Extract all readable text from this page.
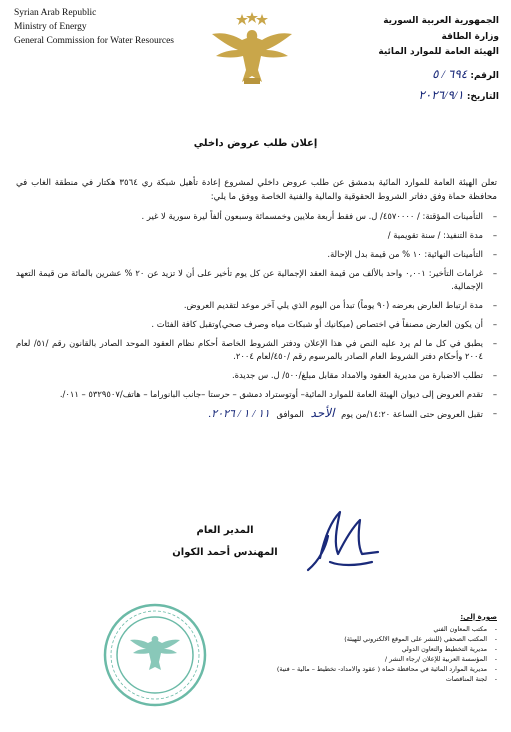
Syrian Arab Republic
Ministry of Energy
General Commission for Water Resources
الجمهورية العربية السورية
وزارة الطاقة
الهيئة العامة للموارد المائية
الرقم: ٦٩٤ / ٥
التاريخ: ٢٠٢٦/٩/١
إعلان طلب عروض داخلي
تعلن الهيئة العامة للموارد المائية بدمشق عن طلب عروض داخلي لمشروع إعادة تأهيل شبكة ري ٣٥٦٤ هكتار في منطقة الغاب في محافظة حماة وفق دفاتر الشروط الحقوقية والمالية والفنية الخاصة ووفق ما يلي:
– التأمينات المؤقتة: / ٤٥٧٠٠٠٠/ ل. س فقط أربعة ملايين وخمسمائة وسبعون ألفاً ليرة سورية لا غير .
– مدة التنفيذ: / سنة تقويمية /
– التأمينات النهائية: ١٠ % من قيمة بدل الإحالة.
– غرامات التأخير: ٠,٠٠١ واحد بالألف من قيمة العقد الإجمالية عن كل يوم تأخير على أن لا تزيد عن ٢٠ % عشرين بالمائة من قيمة التعهد الإجمالية.
– مدة ارتباط العارض بعرضه (٩٠ يوماً) تبدأ من اليوم الذي يلي آخر موعد لتقديم العروض.
– أن يكون العارض مصنفاً في اختصاص (ميكانيك أو شبكات مياه وصرف صحي)وتقبل كافة الفئات .
– يطبق في كل ما لم يرد عليه النص في هذا الإعلان ودفتر الشروط الخاصة أحكام نظام العقود الموحد الصادر بالقانون رقم /٥١/ لعام ٢٠٠٤ وأحكام دفتر الشروط العام الصادر بالمرسوم رقم /٤٥٠/لعام ٢٠٠٤.
– تطلب الاضبارة من مديرية العقود والامداد مقابل مبلغ/٥٠٠/ ل. س جديدة.
– تقدم العروض إلى ديوان الهيئة العامة للموارد المائية– أوتوستراد دمشق – حرستا –جانب البانوراما – هاتف/٥٣٢٩٥٠٧ – ٠١١/.
– تقبل العروض حتى الساعة ١٤:٢٠/من يوم الأحد الموافق ١١ / ١ / ٢٠٢٦.
المدير العام
المهندس أحمد الكوان
صورة إلى:
- مكتب المعاون الفني
- المكتب الصحفي (للنشر على الموقع الالكتروني للهيئة)
- مديرية التخطيط والتعاون الدولي
- المؤسسة العربية للإعلان /رجاء النشر /
- مديرية الموارد المائية في محافظة حماه ( عقود والامداد- تخطيط – مالية – فنية)
- لجنة المناقصات
